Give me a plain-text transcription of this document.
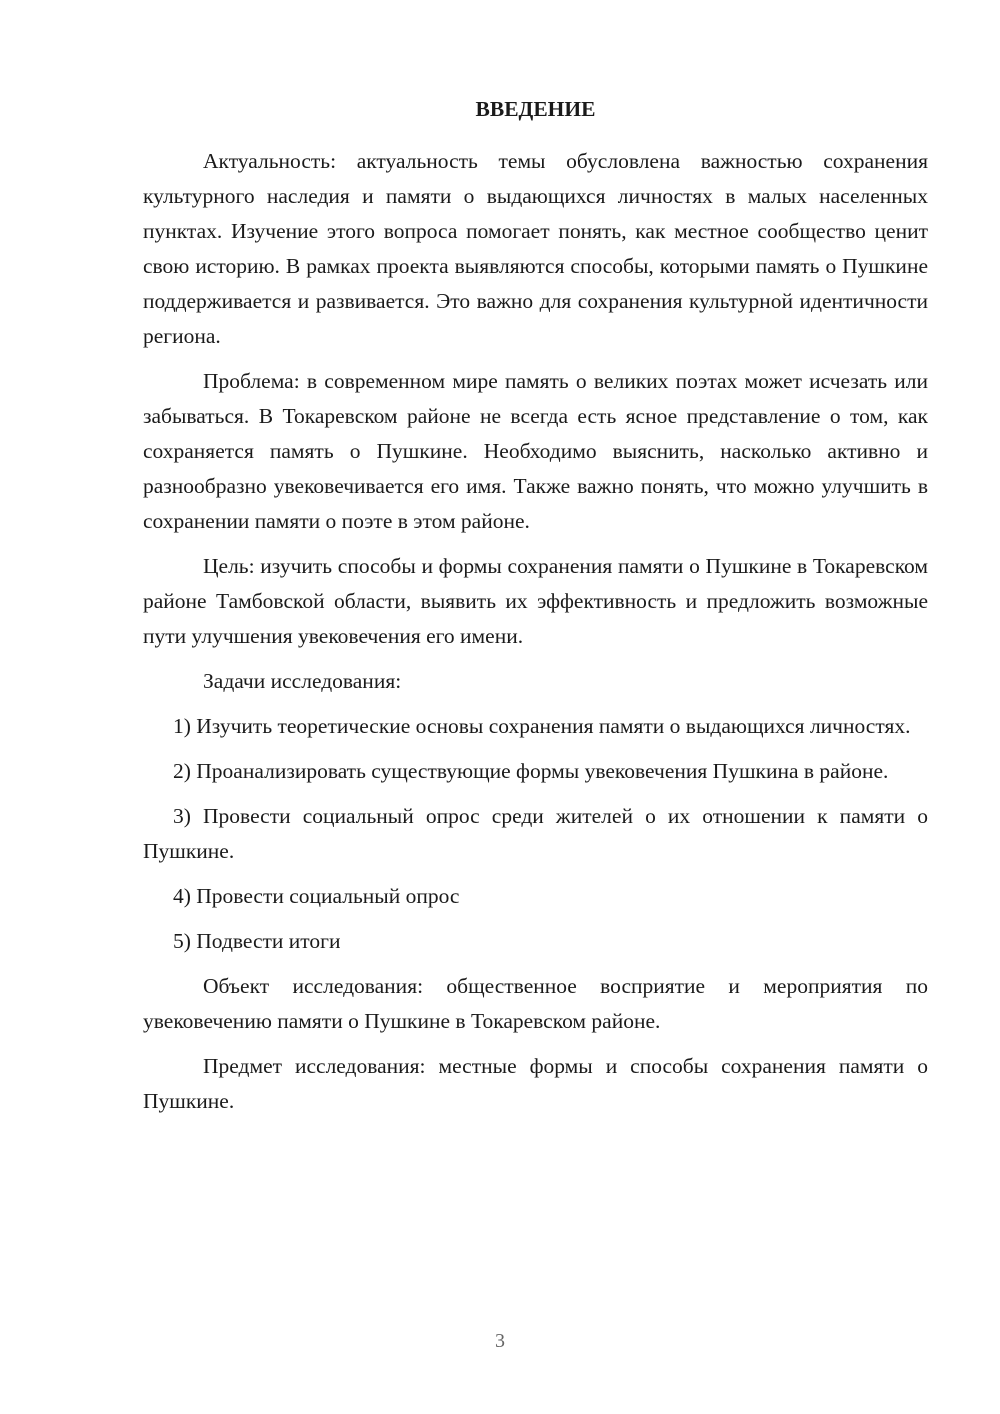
ВВЕДЕНИЕ

Актуальность: актуальность темы обусловлена важностью сохранения культурного наследия и памяти о выдающихся личностях в малых населенных пунктах. Изучение этого вопроса помогает понять, как местное сообщество ценит свою историю. В рамках проекта выявляются способы, которыми память о Пушкине поддерживается и развивается. Это важно для сохранения культурной идентичности региона.

Проблема: в современном мире память о великих поэтах может исчезать или забываться. В Токаревском районе не всегда есть ясное представление о том, как сохраняется память о Пушкине. Необходимо выяснить, насколько активно и разнообразно увековечивается его имя. Также важно понять, что можно улучшить в сохранении памяти о поэте в этом районе.

Цель: изучить способы и формы сохранения памяти о Пушкине в Токаревском районе Тамбовской области, выявить их эффективность и предложить возможные пути улучшения увековечения его имени.

Задачи исследования:

1) Изучить теоретические основы сохранения памяти о выдающихся личностях.

2) Проанализировать существующие формы увековечения Пушкина в районе.

3) Провести социальный опрос среди жителей о их отношении к памяти о Пушкине.

4) Провести социальный опрос

5) Подвести итоги

Объект исследования: общественное восприятие и мероприятия по увековечению памяти о Пушкине в Токаревском районе.

Предмет исследования: местные формы и способы сохранения памяти о Пушкине.

3
